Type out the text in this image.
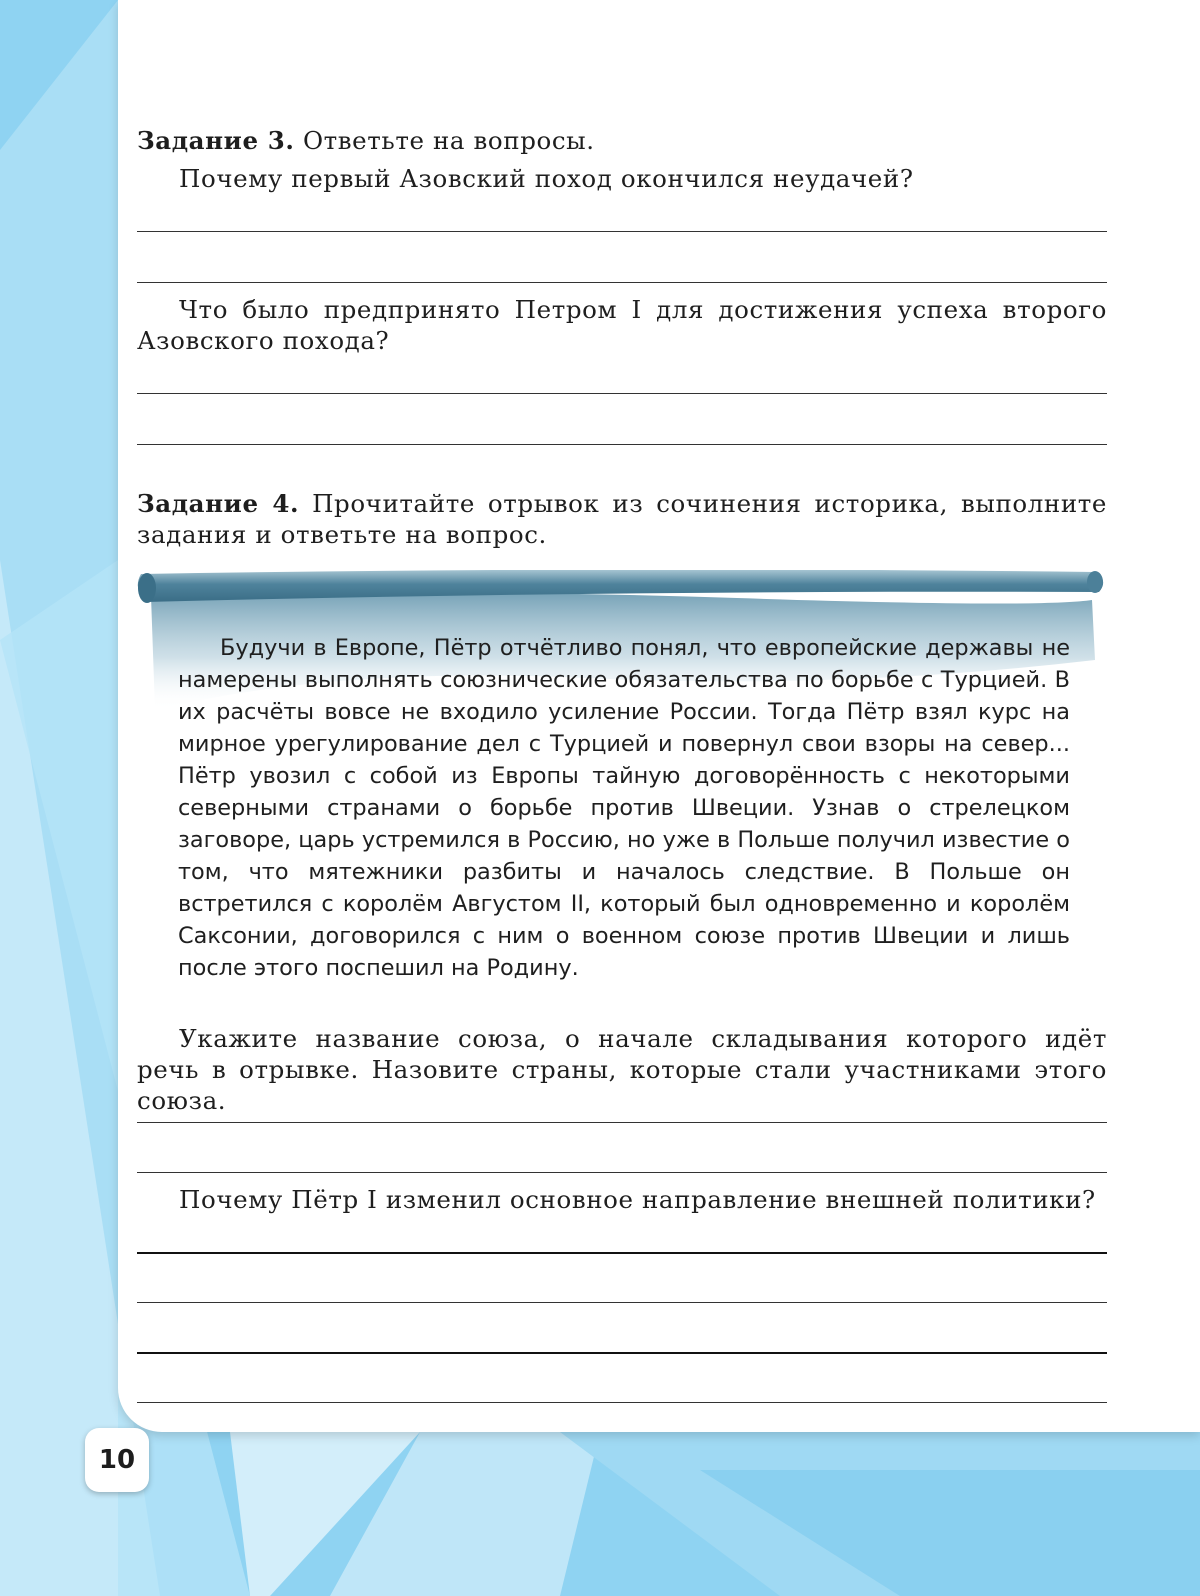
Задание 3. Ответьте на вопросы.
Почему первый Азовский поход окончился неудачей?
Что было предпринято Петром I для достижения успеха второго Азовского похода?
Задание 4. Прочитайте отрывок из сочинения историка, выполните задания и ответьте на вопрос.

Будучи в Европе, Пётр отчётливо понял, что европейские державы не намерены выполнять союзнические обязательства по борьбе с Турцией. В их расчёты вовсе не входило усиление России. Тогда Пётр взял курс на мирное урегулирование дел с Турцией и повернул свои взоры на север... Пётр увозил с собой из Европы тайную договорённость с некоторыми северными странами о борьбе против Швеции. Узнав о стрелецком заговоре, царь устремился в Россию, но уже в Польше получил известие о том, что мятежники разбиты и началось следствие. В Польше он встретился с королём Августом II, который был одновременно и королём Саксонии, договорился с ним о военном союзе против Швеции и лишь после этого поспешил на Родину.

Укажите название союза, о начале складывания которого идёт речь в отрывке. Назовите страны, которые стали участниками этого союза.
Почему Пётр I изменил основное направление внешней политики?
10
